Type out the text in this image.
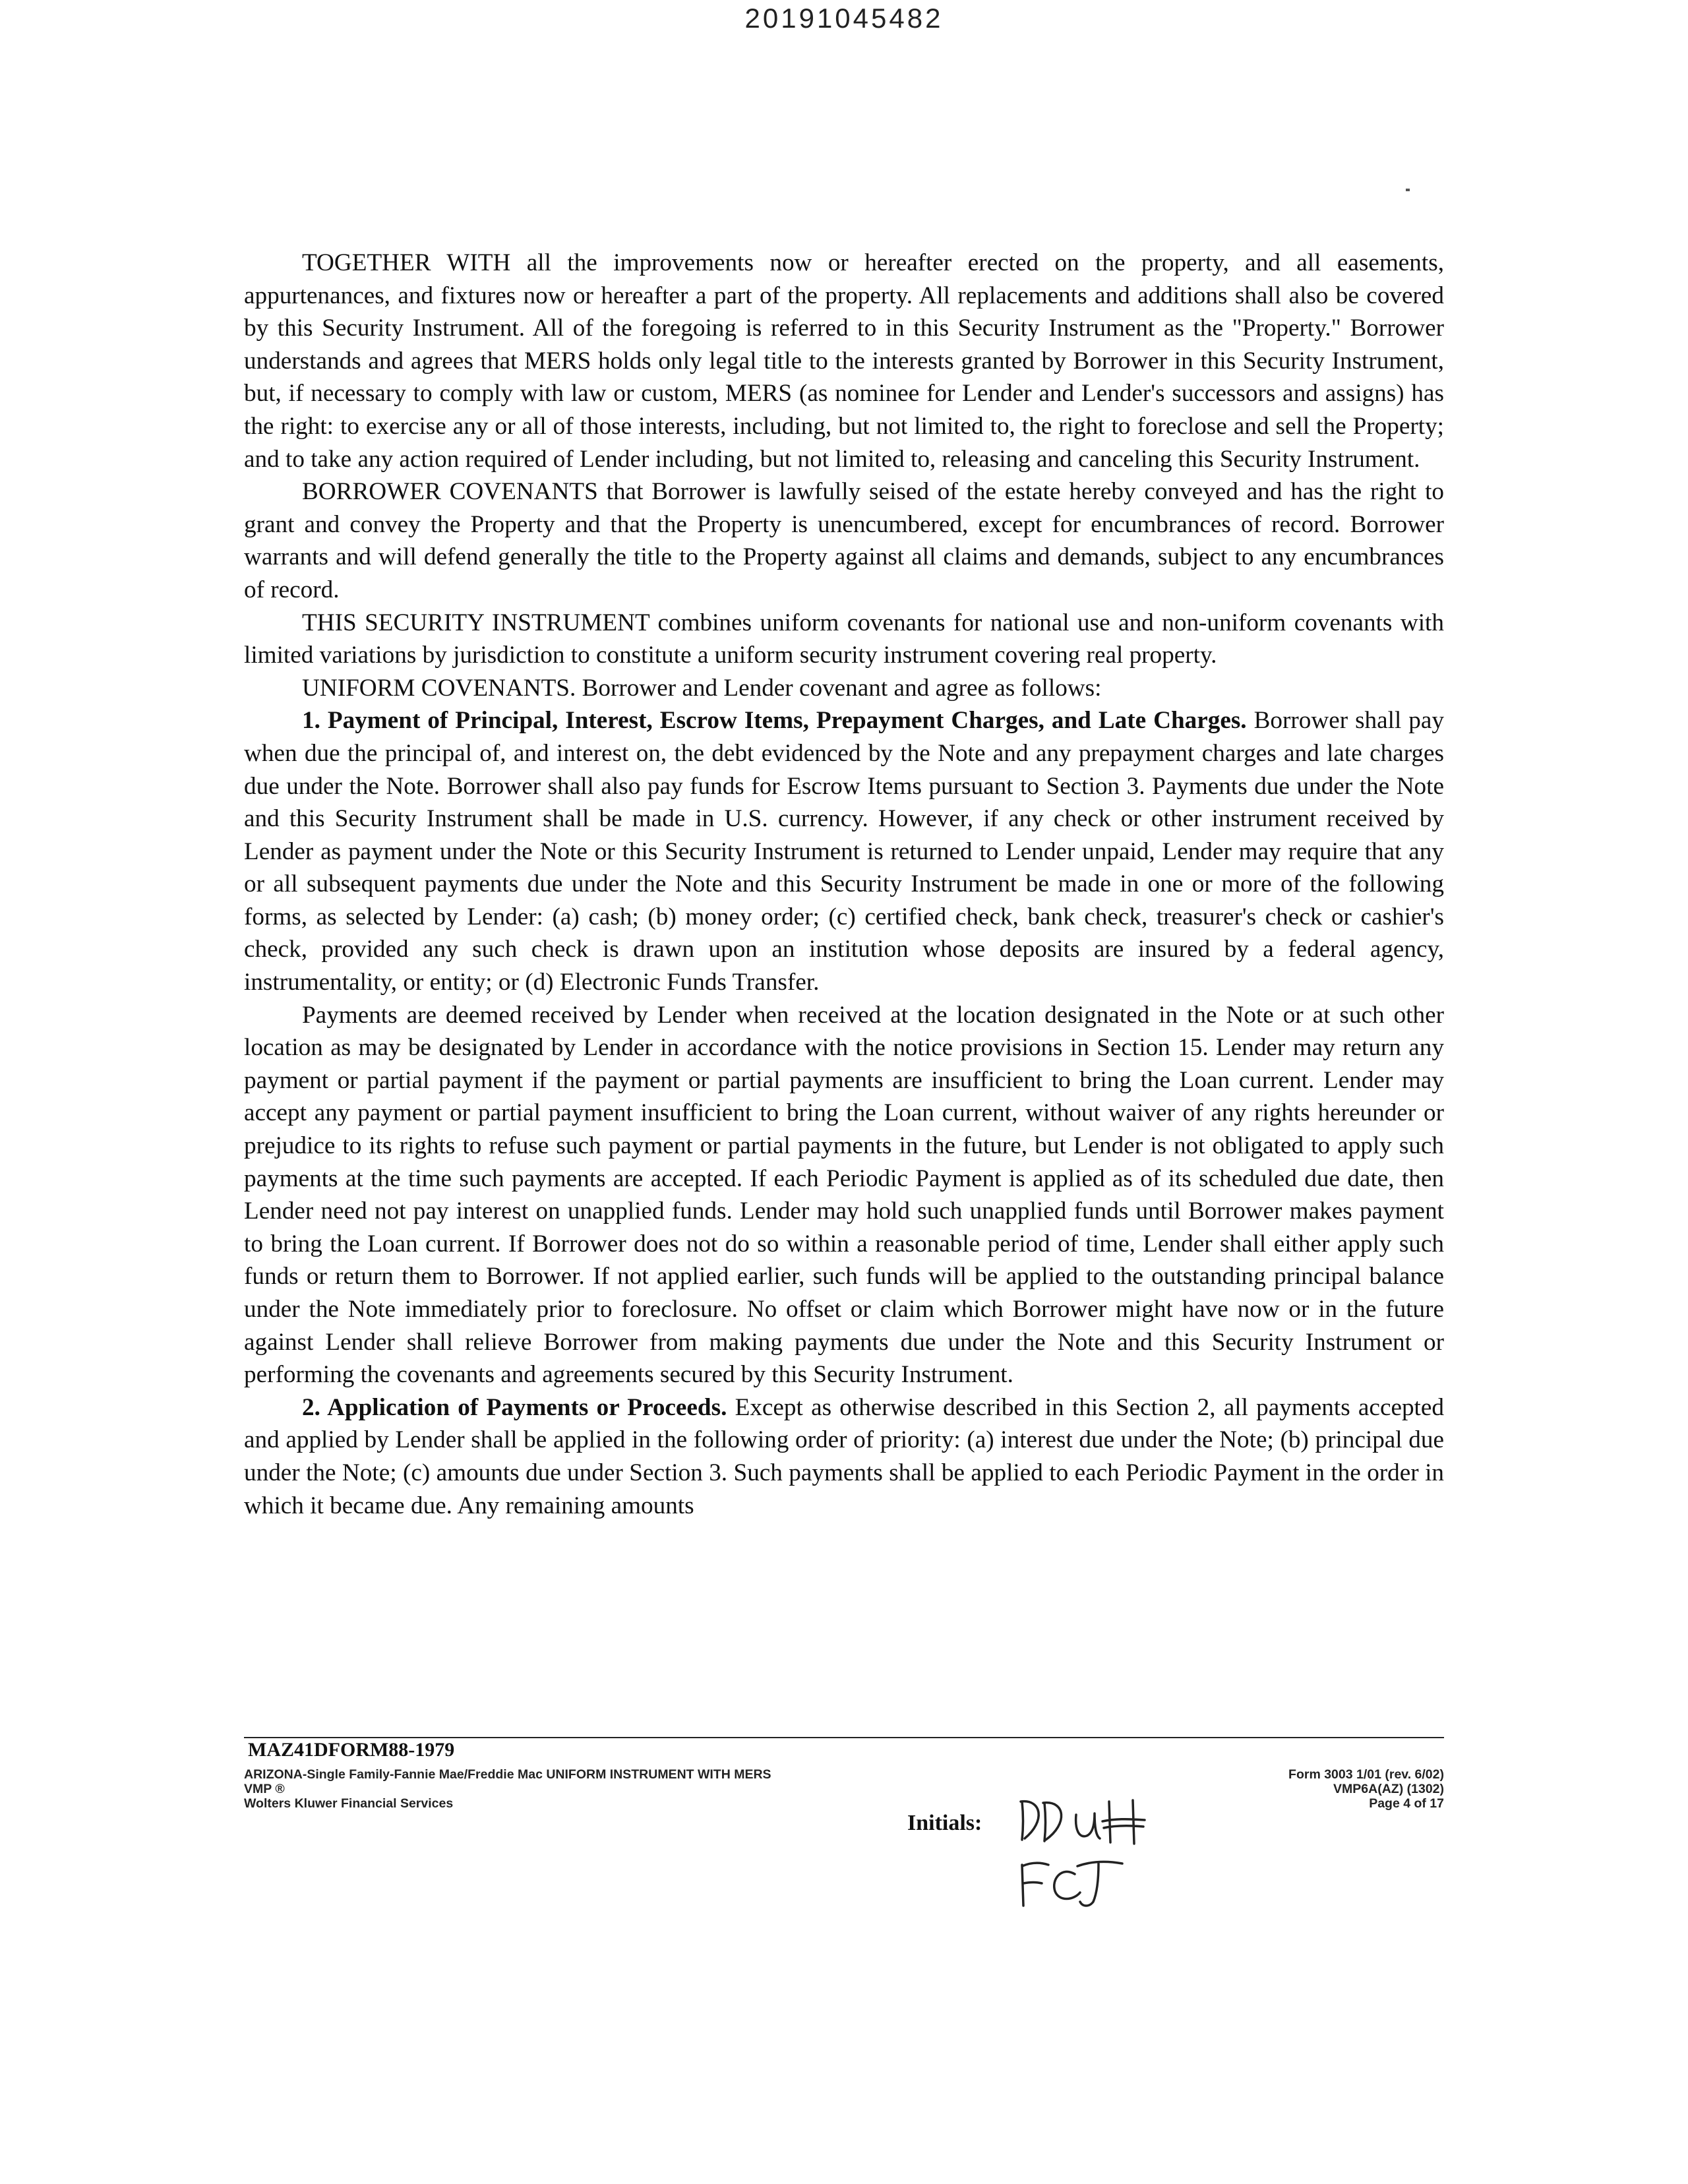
20191045482

TOGETHER WITH all the improvements now or hereafter erected on the property, and all easements, appurtenances, and fixtures now or hereafter a part of the property. All replacements and additions shall also be covered by this Security Instrument. All of the foregoing is referred to in this Security Instrument as the "Property." Borrower understands and agrees that MERS holds only legal title to the interests granted by Borrower in this Security Instrument, but, if necessary to comply with law or custom, MERS (as nominee for Lender and Lender's successors and assigns) has the right: to exercise any or all of those interests, including, but not limited to, the right to foreclose and sell the Property; and to take any action required of Lender including, but not limited to, releasing and canceling this Security Instrument.

BORROWER COVENANTS that Borrower is lawfully seised of the estate hereby conveyed and has the right to grant and convey the Property and that the Property is unencumbered, except for encumbrances of record. Borrower warrants and will defend generally the title to the Property against all claims and demands, subject to any encumbrances of record.

THIS SECURITY INSTRUMENT combines uniform covenants for national use and non-uniform covenants with limited variations by jurisdiction to constitute a uniform security instrument covering real property.

UNIFORM COVENANTS. Borrower and Lender covenant and agree as follows:

1. Payment of Principal, Interest, Escrow Items, Prepayment Charges, and Late Charges. Borrower shall pay when due the principal of, and interest on, the debt evidenced by the Note and any prepayment charges and late charges due under the Note. Borrower shall also pay funds for Escrow Items pursuant to Section 3. Payments due under the Note and this Security Instrument shall be made in U.S. currency. However, if any check or other instrument received by Lender as payment under the Note or this Security Instrument is returned to Lender unpaid, Lender may require that any or all subsequent payments due under the Note and this Security Instrument be made in one or more of the following forms, as selected by Lender: (a) cash; (b) money order; (c) certified check, bank check, treasurer's check or cashier's check, provided any such check is drawn upon an institution whose deposits are insured by a federal agency, instrumentality, or entity; or (d) Electronic Funds Transfer.

Payments are deemed received by Lender when received at the location designated in the Note or at such other location as may be designated by Lender in accordance with the notice provisions in Section 15. Lender may return any payment or partial payment if the payment or partial payments are insufficient to bring the Loan current. Lender may accept any payment or partial payment insufficient to bring the Loan current, without waiver of any rights hereunder or prejudice to its rights to refuse such payment or partial payments in the future, but Lender is not obligated to apply such payments at the time such payments are accepted. If each Periodic Payment is applied as of its scheduled due date, then Lender need not pay interest on unapplied funds. Lender may hold such unapplied funds until Borrower makes payment to bring the Loan current. If Borrower does not do so within a reasonable period of time, Lender shall either apply such funds or return them to Borrower. If not applied earlier, such funds will be applied to the outstanding principal balance under the Note immediately prior to foreclosure. No offset or claim which Borrower might have now or in the future against Lender shall relieve Borrower from making payments due under the Note and this Security Instrument or performing the covenants and agreements secured by this Security Instrument.

2. Application of Payments or Proceeds. Except as otherwise described in this Section 2, all payments accepted and applied by Lender shall be applied in the following order of priority: (a) interest due under the Note; (b) principal due under the Note; (c) amounts due under Section 3. Such payments shall be applied to each Periodic Payment in the order in which it became due. Any remaining amounts

MAZ41DFORM88-1979
ARIZONA-Single Family-Fannie Mae/Freddie Mac UNIFORM INSTRUMENT WITH MERS
VMP ®
Wolters Kluwer Financial Services
Form 3003 1/01 (rev. 6/02)
VMP6A(AZ) (1302)
Page 4 of 17
Initials:
